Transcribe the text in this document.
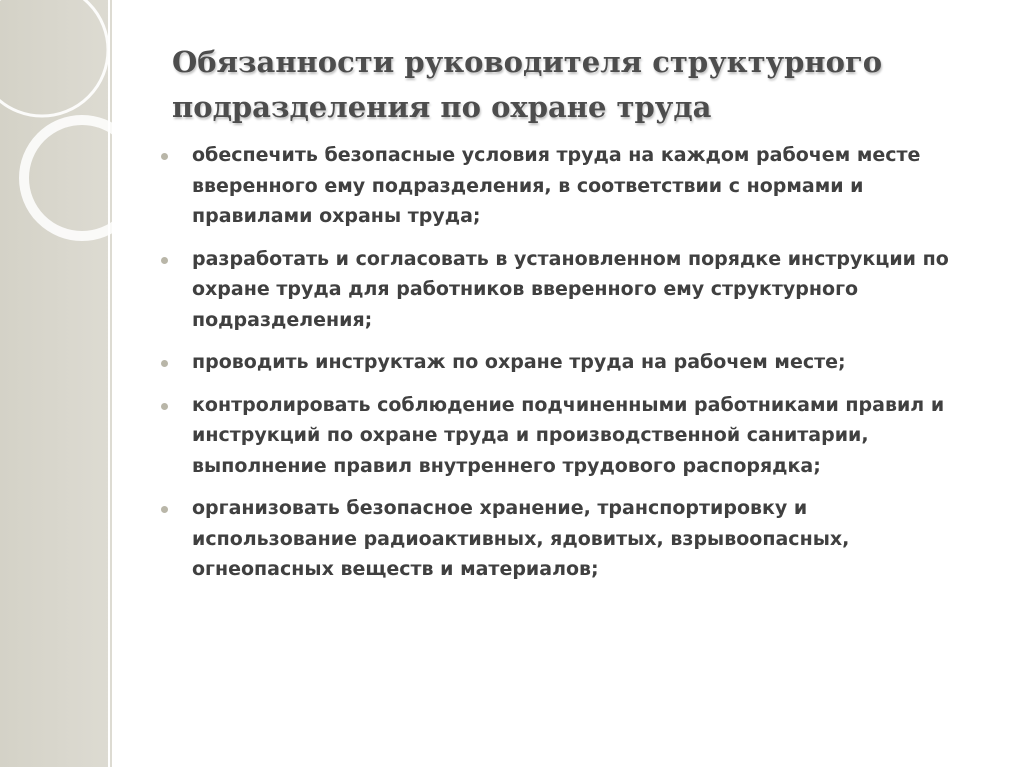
Обязанности руководителя структурного подразделения по охране труда
обеспечить безопасные условия труда на каждом рабочем месте вверенного ему подразделения, в соответствии с нормами и правилами охраны труда;
разработать и согласовать в установленном порядке инструкции по охране труда для работников вверенного ему структурного подразделения;
проводить инструктаж по охране труда на рабочем месте;
контролировать соблюдение подчиненными работниками правил и инструкций по охране труда и производственной санитарии, выполнение правил внутреннего трудового распорядка;
организовать безопасное хранение, транспортировку и использование радиоактивных, ядовитых, взрывоопасных, огнеопасных веществ и материалов;
